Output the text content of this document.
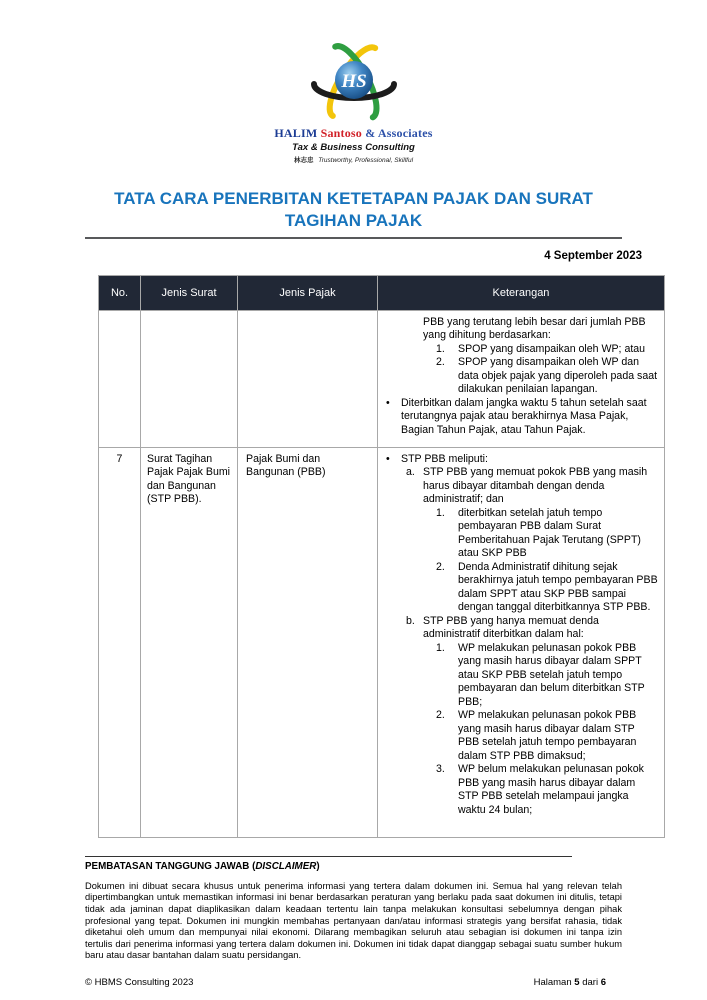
HS
HALIM Santoso & Associates
Tax & Business Consulting
林志忠 Trustworthy, Professional, Skillful
TATA CARA PENERBITAN KETETAPAN PAJAK DAN SURAT
TAGIHAN PAJAK
4 September 2023
No.	Jenis Surat	Jenis Pajak	Keterangan

PBB yang terutang lebih besar dari jumlah PBB yang dihitung berdasarkan:
1.	SPOP yang disampaikan oleh WP; atau
2.	SPOP yang disampaikan oleh WP dan data objek pajak yang diperoleh pada saat dilakukan penilaian lapangan.
•	Diterbitkan dalam jangka waktu 5 tahun setelah saat terutangnya pajak atau berakhirnya Masa Pajak, Bagian Tahun Pajak, atau Tahun Pajak.

7	Surat Tagihan Pajak Pajak Bumi dan Bangunan (STP PBB).	Pajak Bumi dan Bangunan (PBB)	
•	STP PBB meliputi:
a. STP PBB yang memuat pokok PBB yang masih harus dibayar ditambah dengan denda administratif; dan
1.	diterbitkan setelah jatuh tempo pembayaran PBB dalam Surat Pemberitahuan Pajak Terutang (SPPT) atau SKP PBB
2.	Denda Administratif dihitung sejak berakhirnya jatuh tempo pembayaran PBB dalam SPPT atau SKP PBB sampai dengan tanggal diterbitkannya STP PBB.
b. STP PBB yang hanya memuat denda administratif diterbitkan dalam hal:
1.	WP melakukan pelunasan pokok PBB yang masih harus dibayar dalam SPPT atau SKP PBB setelah jatuh tempo pembayaran dan belum diterbitkan STP PBB;
2.	WP melakukan pelunasan pokok PBB yang masih harus dibayar dalam STP PBB setelah jatuh tempo pembayaran dalam STP PBB dimaksud;
3.	WP belum melakukan pelunasan pokok PBB yang masih harus dibayar dalam STP PBB setelah melampaui jangka waktu 24 bulan;
PEMBATASAN TANGGUNG JAWAB (DISCLAIMER)

Dokumen ini dibuat secara khusus untuk penerima informasi yang tertera dalam dokumen ini. Semua hal yang relevan telah dipertimbangkan untuk memastikan informasi ini benar berdasarkan peraturan yang berlaku pada saat dokumen ini ditulis, tetapi tidak ada jaminan dapat diaplikasikan dalam keadaan tertentu lain tanpa melakukan konsultasi sebelumnya dengan pihak profesional yang tepat. Dokumen ini mungkin membahas pertanyaan dan/atau informasi strategis yang bersifat rahasia, tidak diketahui oleh umum dan mempunyai nilai ekonomi. Dilarang membagikan seluruh atau sebagian isi dokumen ini tanpa izin tertulis dari penerima informasi yang tertera dalam dokumen ini. Dokumen ini tidak dapat dianggap sebagai suatu sumber hukum baru atau dasar bantahan dalam suatu persidangan.

© HBMS Consulting 2023	Halaman 5 dari 6
